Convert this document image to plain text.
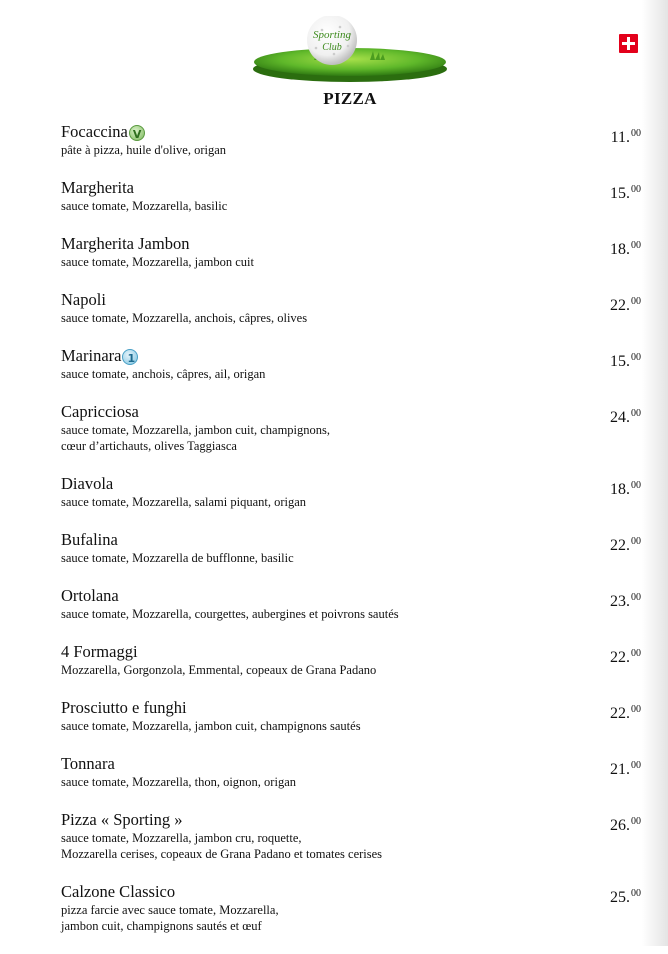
Sporting
Club
PIZZA
Focaccina
V
pâte à pizza, huile d'olive, origan
11.00
Margherita
sauce tomate, Mozzarella, basilic
15.00
Margherita Jambon
sauce tomate, Mozzarella, jambon cuit
18.00
Napoli
sauce tomate, Mozzarella, anchois, câpres, olives
22.00
Marinara
1
sauce tomate, anchois, câpres, ail, origan
15.00
Capricciosa
sauce tomate, Mozzarella, jambon cuit, champignons,
cœur d’artichauts, olives Taggiasca
24.00
Diavola
sauce tomate, Mozzarella, salami piquant, origan
18.00
Bufalina
sauce tomate, Mozzarella de bufflonne, basilic
22.00
Ortolana
sauce tomate, Mozzarella, courgettes, aubergines et poivrons sautés
23.00
4 Formaggi
Mozzarella, Gorgonzola, Emmental, copeaux de Grana Padano
22.00
Prosciutto e funghi
sauce tomate, Mozzarella, jambon cuit, champignons sautés
22.00
Tonnara
sauce tomate, Mozzarella, thon, oignon, origan
21.00
Pizza « Sporting »
sauce tomate, Mozzarella, jambon cru, roquette,
Mozzarella cerises, copeaux de Grana Padano et tomates cerises
26.00
Calzone Classico
pizza farcie avec sauce tomate, Mozzarella,
jambon cuit, champignons sautés et œuf
25.00
